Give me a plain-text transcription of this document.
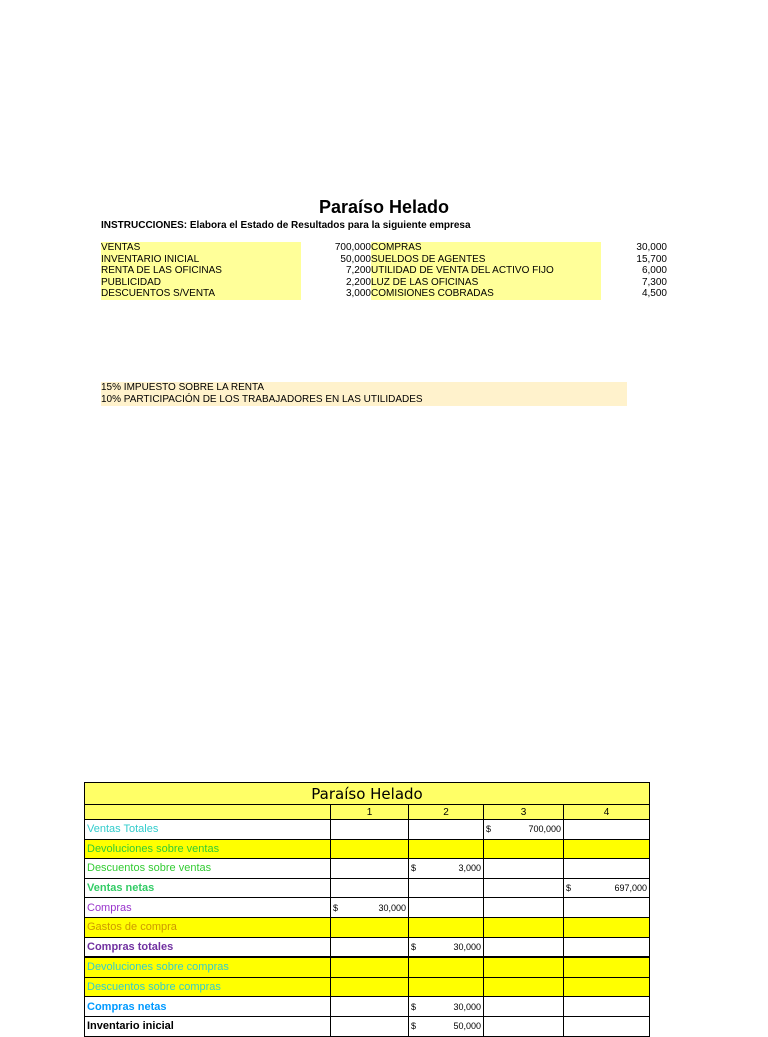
Paraíso Helado
INSTRUCCIONES: Elabora el Estado de Resultados para la siguiente empresa
VENTAS	700,000 COMPRAS	30,000
INVENTARIO INICIAL	50,000 SUELDOS DE AGENTES	15,700
RENTA DE LAS OFICINAS	7,200 UTILIDAD DE VENTA DEL ACTIVO FIJO	6,000
PUBLICIDAD	2,200 LUZ DE LAS OFICINAS	7,300
DESCUENTOS S/VENTA	3,000 COMISIONES COBRADAS	4,500
15% IMPUESTO SOBRE LA RENTA
10% PARTICIPACIÓN DE LOS TRABAJADORES EN LAS UTILIDADES
Paraíso Helado				
	1	2	3	4
Ventas Totales			$ 700,000	

Devoluciones sobre ventas				
Descuentos sobre ventas		$ 3,000		

Ventas netas				$ 697,000

Compras	$ 30,000			

Gastos de compra				
Compras totales		$ 30,000		

Devoluciones sobre compras				
Descuentos sobre compras				
Compras netas		$ 30,000		

Inventario inicial		$ 50,000		
